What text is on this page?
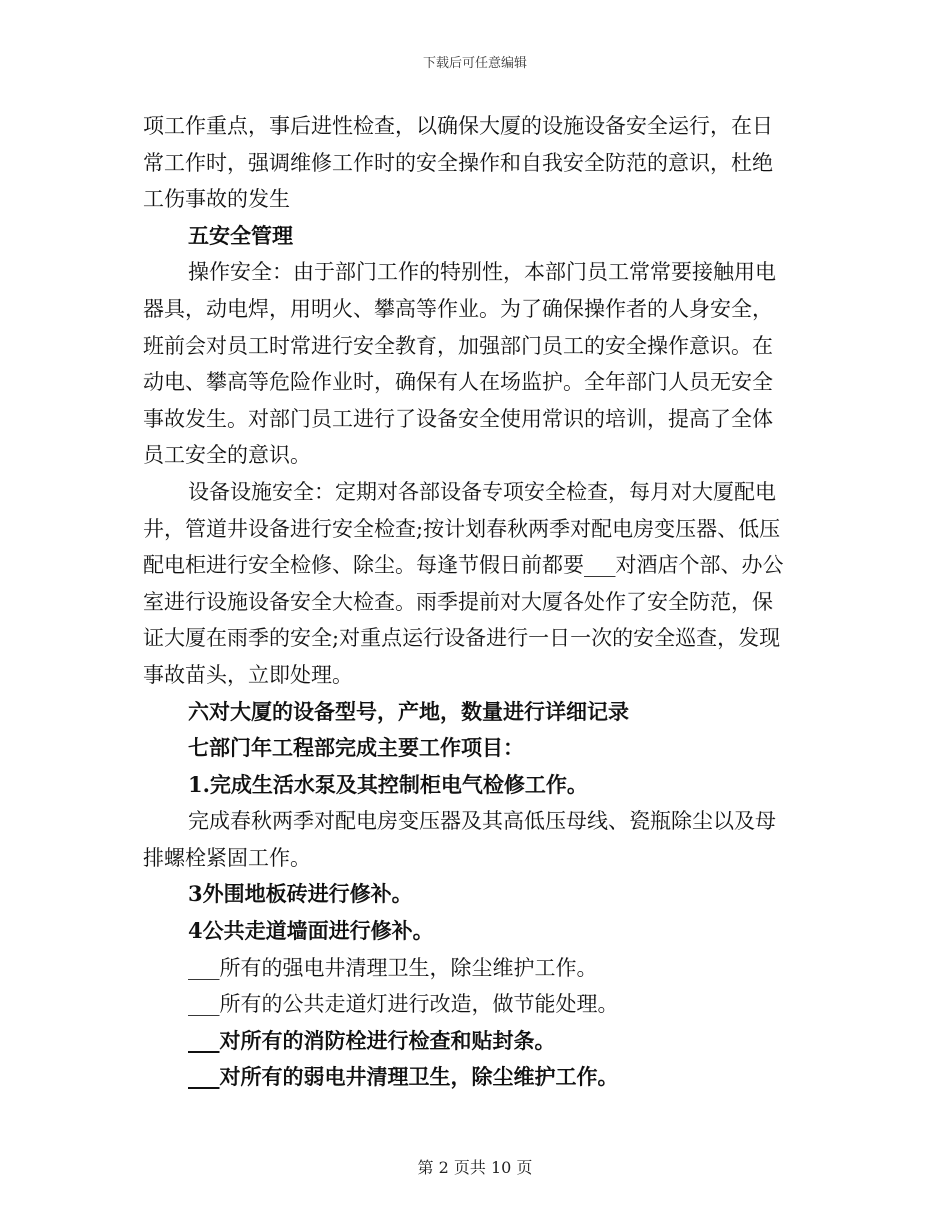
下载后可任意编辑
项工作重点，事后进性检查，以确保大厦的设施设备安全运行，在日
常工作时，强调维修工作时的安全操作和自我安全防范的意识，杜绝
工伤事故的发生
五安全管理
操作安全：由于部门工作的特别性，本部门员工常常要接触用电
器具，动电焊，用明火、攀高等作业。为了确保操作者的人身安全，
班前会对员工时常进行安全教育，加强部门员工的安全操作意识。在
动电、攀高等危险作业时，确保有人在场监护。全年部门人员无安全
事故发生。对部门员工进行了设备安全使用常识的培训，提高了全体
员工安全的意识。
设备设施安全：定期对各部设备专项安全检查，每月对大厦配电
井，管道井设备进行安全检查;按计划春秋两季对配电房变压器、低压
配电柜进行安全检修、除尘。每逢节假日前都要___对酒店个部、办公
室进行设施设备安全大检查。雨季提前对大厦各处作了安全防范，保
证大厦在雨季的安全;对重点运行设备进行一日一次的安全巡查，发现
事故苗头，立即处理。
六对大厦的设备型号，产地，数量进行详细记录
七部门年工程部完成主要工作项目：
1.完成生活水泵及其控制柜电气检修工作。
完成春秋两季对配电房变压器及其高低压母线、瓷瓶除尘以及母
排螺栓紧固工作。
3外围地板砖进行修补。
4公共走道墙面进行修补。
___所有的强电井清理卫生，除尘维护工作。
___所有的公共走道灯进行改造，做节能处理。
___对所有的消防栓进行检查和贴封条。
___对所有的弱电井清理卫生，除尘维护工作。
第 2 页共 10 页
